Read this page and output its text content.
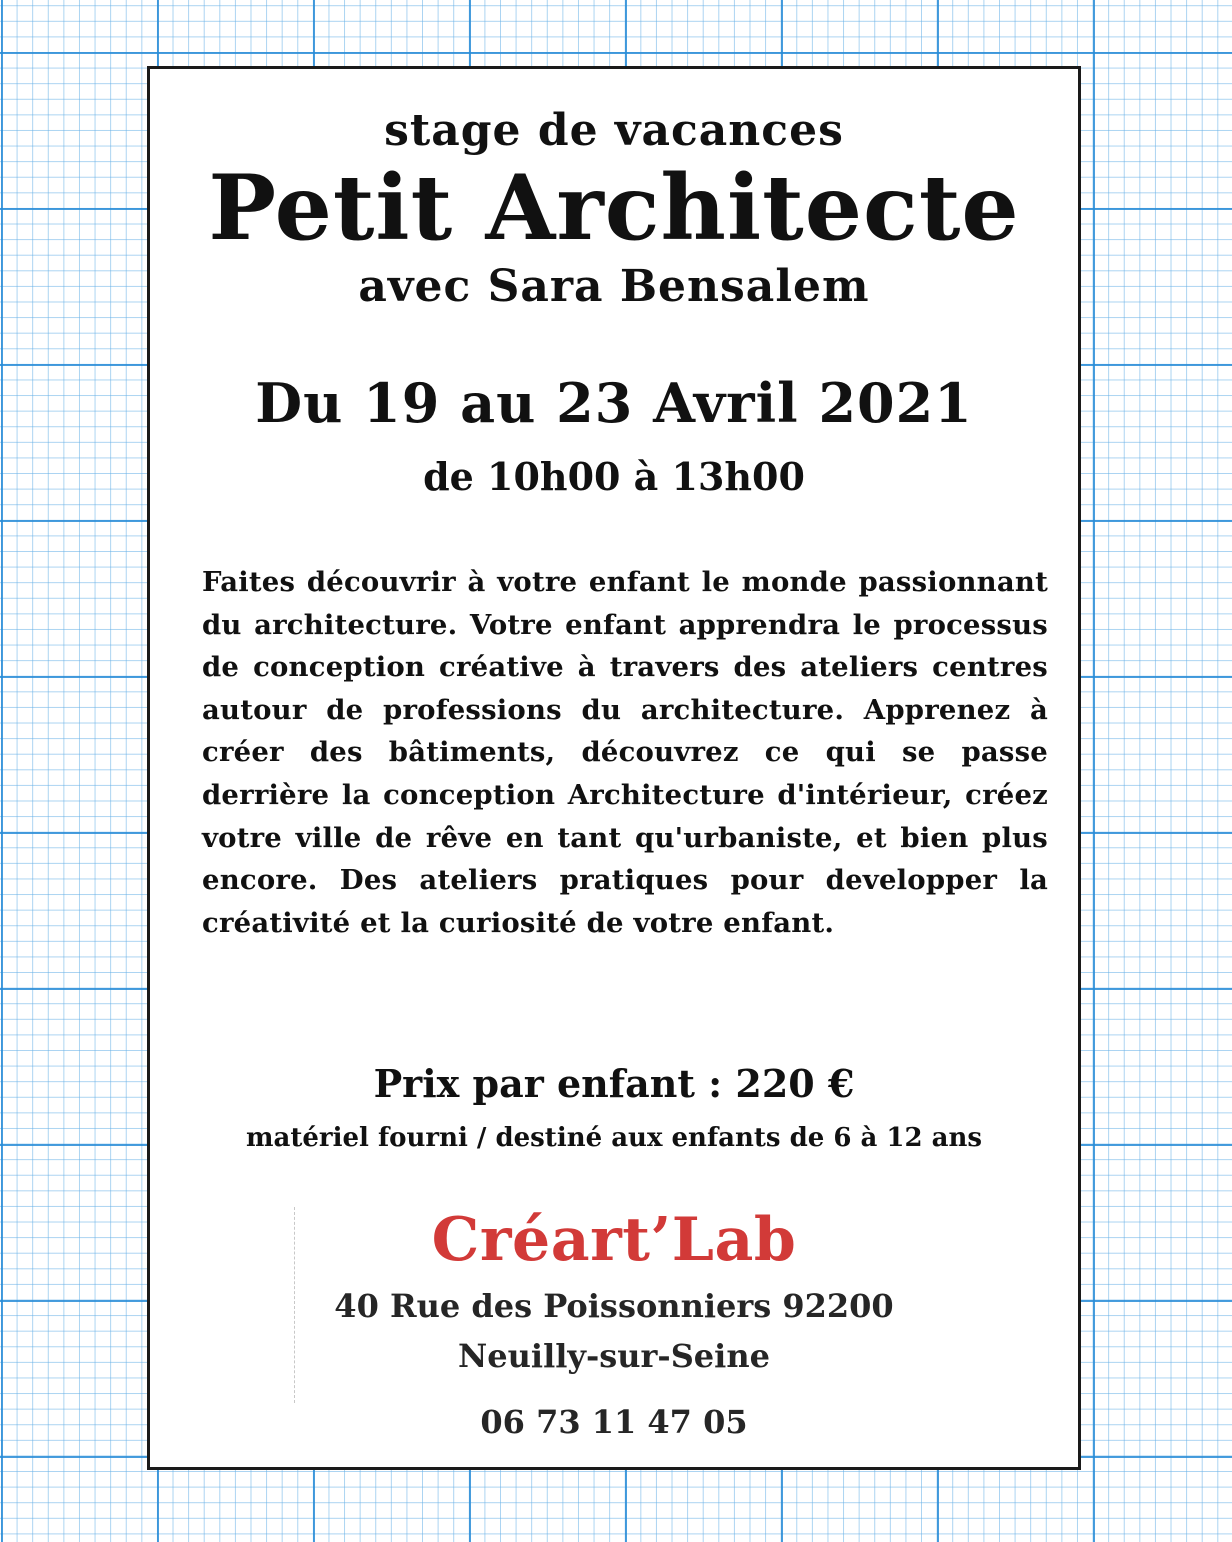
stage de vacances
Petit Architecte
avec Sara Bensalem
Du 19 au 23 Avril 2021
de 10h00 à 13h00
Faites découvrir à votre enfant le monde passionnant du architecture. Votre enfant apprendra le processus de conception créative à travers des ateliers centres autour de professions du architecture. Apprenez à créer des bâtiments, découvrez ce qui se passe derrière la conception Architecture d'intérieur, créez votre ville de rêve en tant qu'urbaniste, et bien plus encore. Des ateliers pratiques pour developper la créativité et la curiosité de votre enfant.
Prix par enfant : 220 €
matériel fourni / destiné aux enfants de 6 à 12 ans
Créart’Lab
40 Rue des Poissonniers 92200
Neuilly-sur-Seine
06 73 11 47 05
